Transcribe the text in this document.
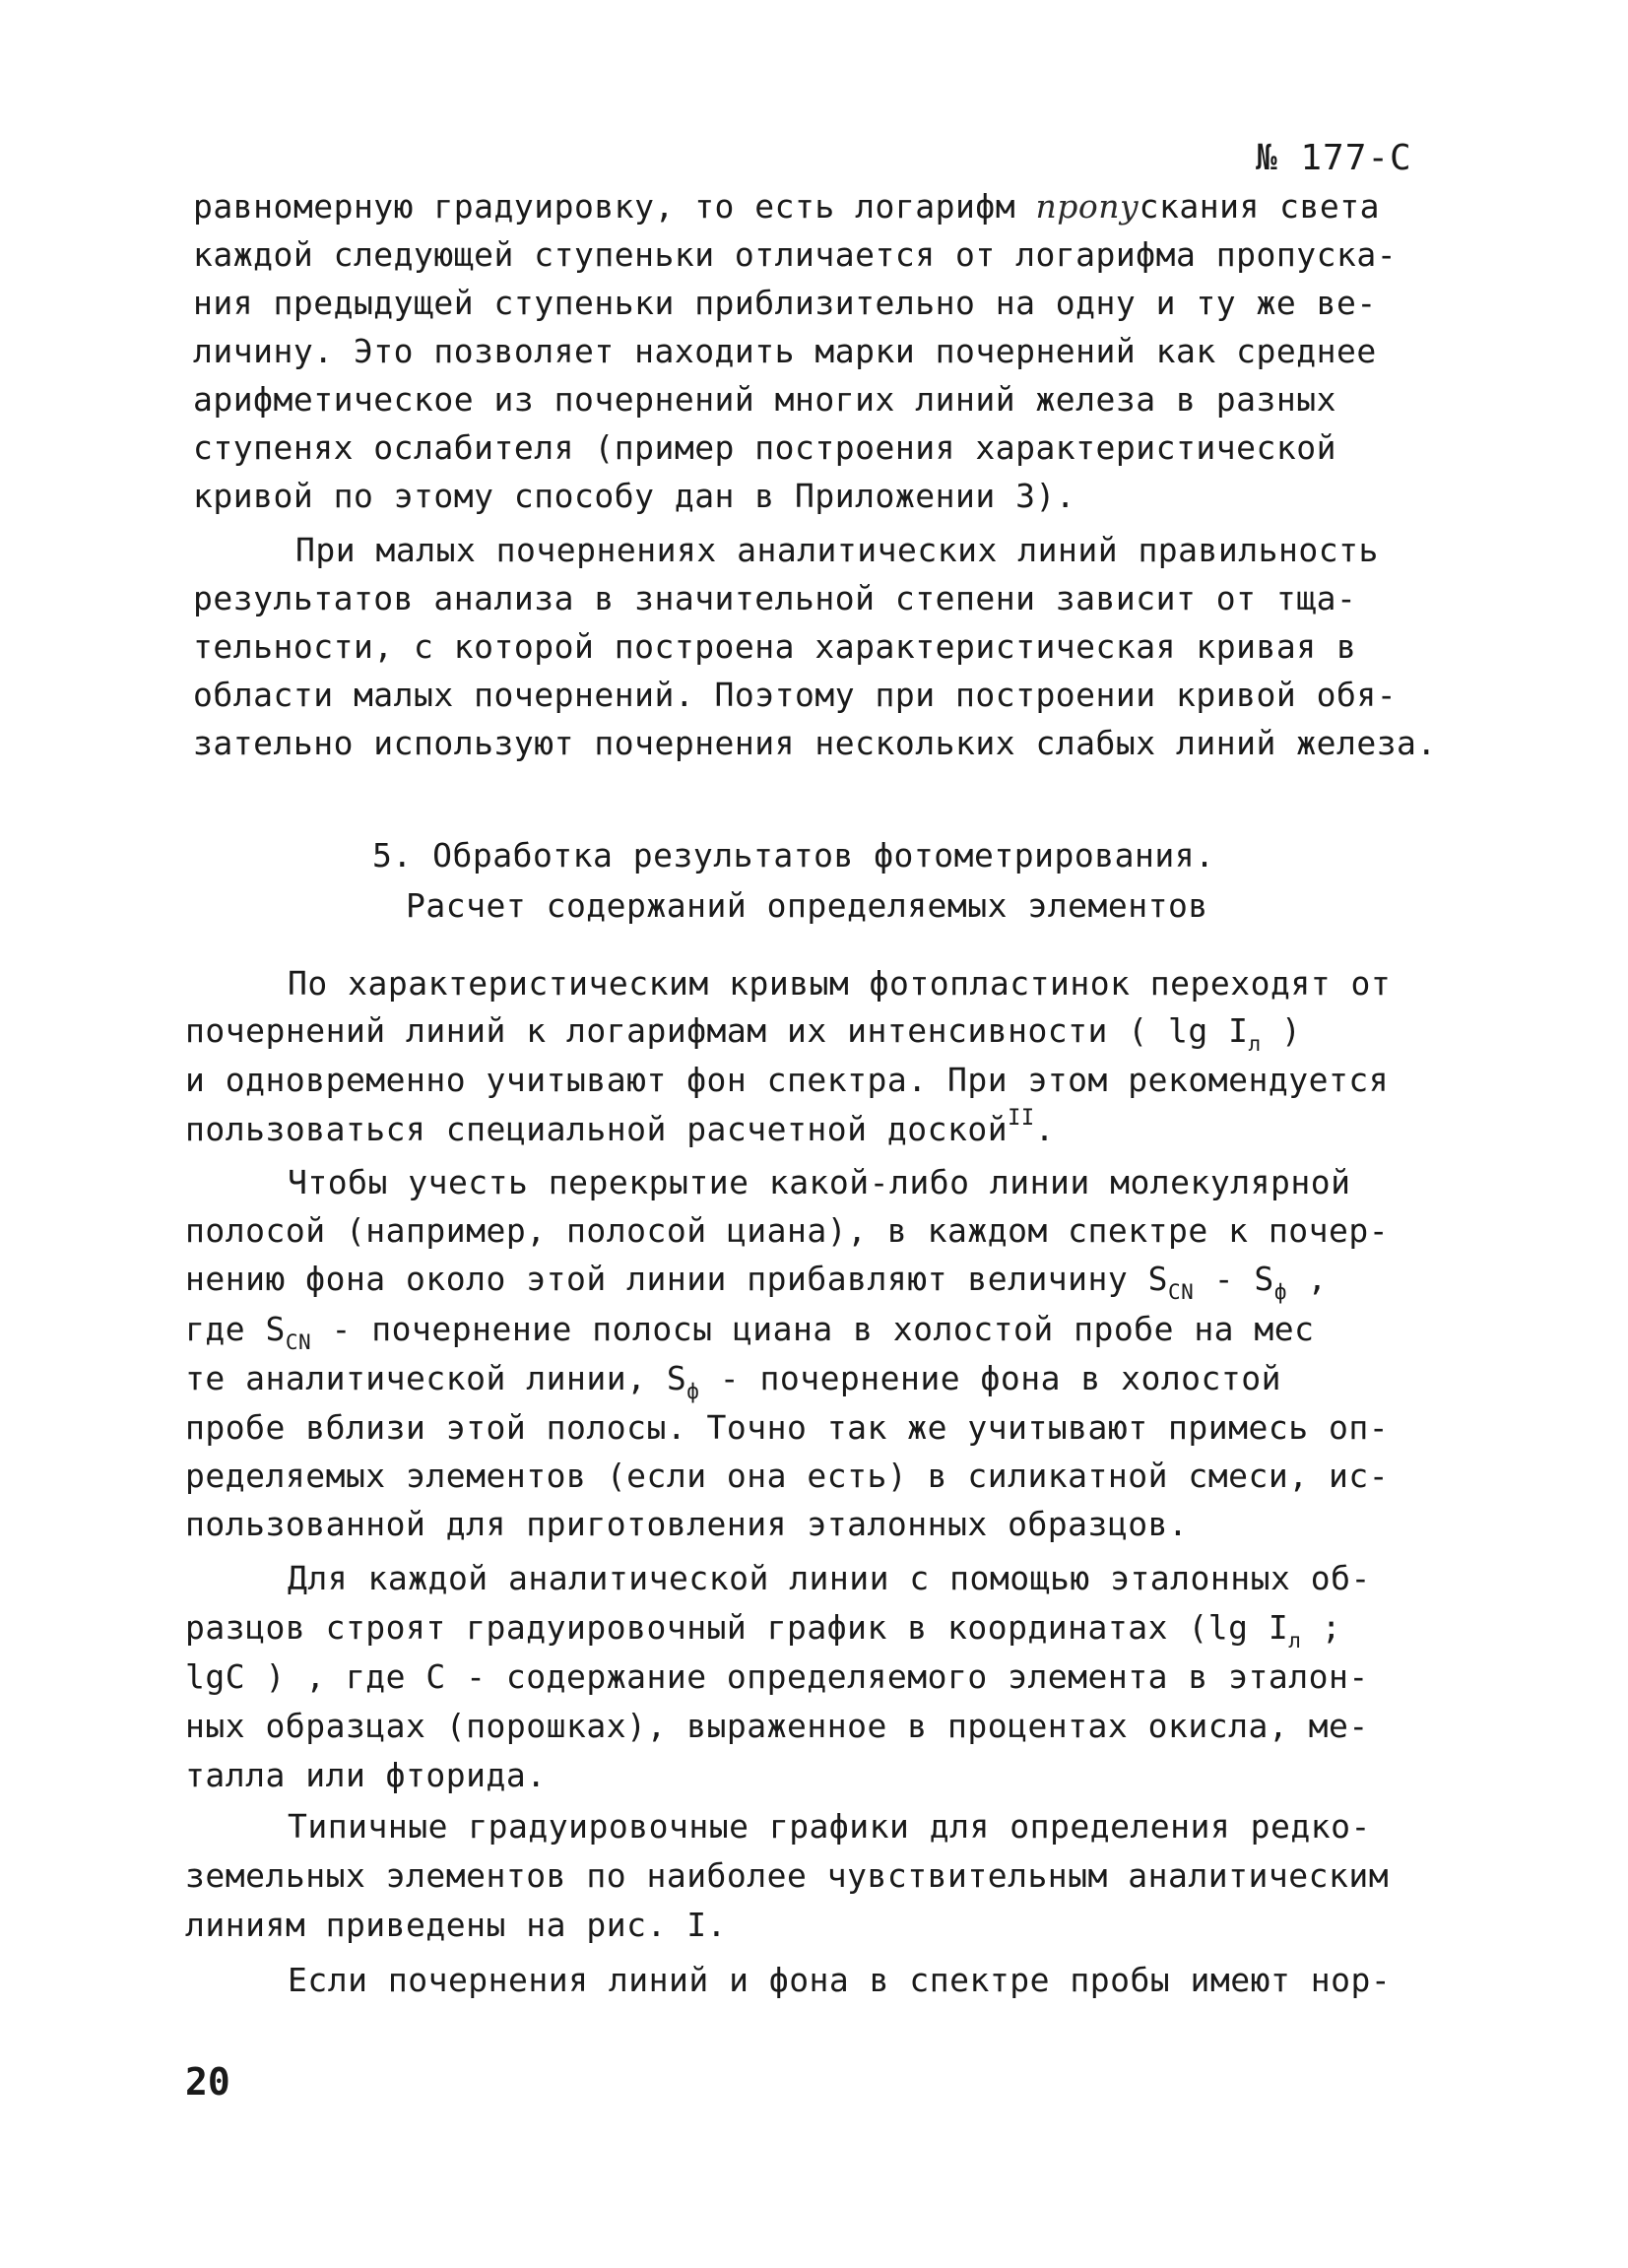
№ 177-С
равномерную градуировку, то есть логарифм пропускания света
каждой следующей ступеньки отличается от логарифма пропуска-
ния предыдущей ступеньки приблизительно на одну и ту же ве-
личину. Это позволяет находить марки почернений как среднее
арифметическое из почернений многих линий железа в разных
ступенях ослабителя (пример построения характеристической
кривой по этому способу дан в Приложении 3).
При малых почернениях аналитических линий правильность
результатов анализа в значительной степени зависит от тща-
тельности, с которой построена характеристическая кривая в
области малых почернений. Поэтому при построении кривой обя-
зательно используют почернения нескольких слабых линий железа.
5. Обработка результатов фотометрирования.
Расчет содержаний определяемых элементов
По характеристическим кривым фотопластинок переходят от
почернений линий к логарифмам их интенсивности ( $\lg I_л$ )
и одновременно учитывают фон спектра. При этом рекомендуется
пользоваться специальной расчетной доской$^{II}$.
Чтобы учесть перекрытие какой-либо линии молекулярной
полосой (например, полосой циана), в каждом спектре к почер-
нению фона около этой линии прибавляют величину $S_{CN} - S_ф$ ,
где $S_{CN}$ - почернение полосы циана в холостой пробе на мес
те аналитической линии, $S_ф$ - почернение фона в холостой
пробе вблизи этой полосы. Точно так же учитывают примесь оп-
ределяемых элементов (если она есть) в силикатной смеси, ис-
пользованной для приготовления эталонных образцов.
Для каждой аналитической линии с помощью эталонных об-
разцов строят градуировочный график в координатах (lg $I_л$ ;
lgC ) , где С - содержание определяемого элемента в эталон-
ных образцах (порошках), выраженное в процентах окисла, ме-
талла или фторида.
Типичные градуировочные графики для определения редко-
земельных элементов по наиболее чувствительным аналитическим
линиям приведены на рис. I.
Если почернения линий и фона в спектре пробы имеют нор-
20
